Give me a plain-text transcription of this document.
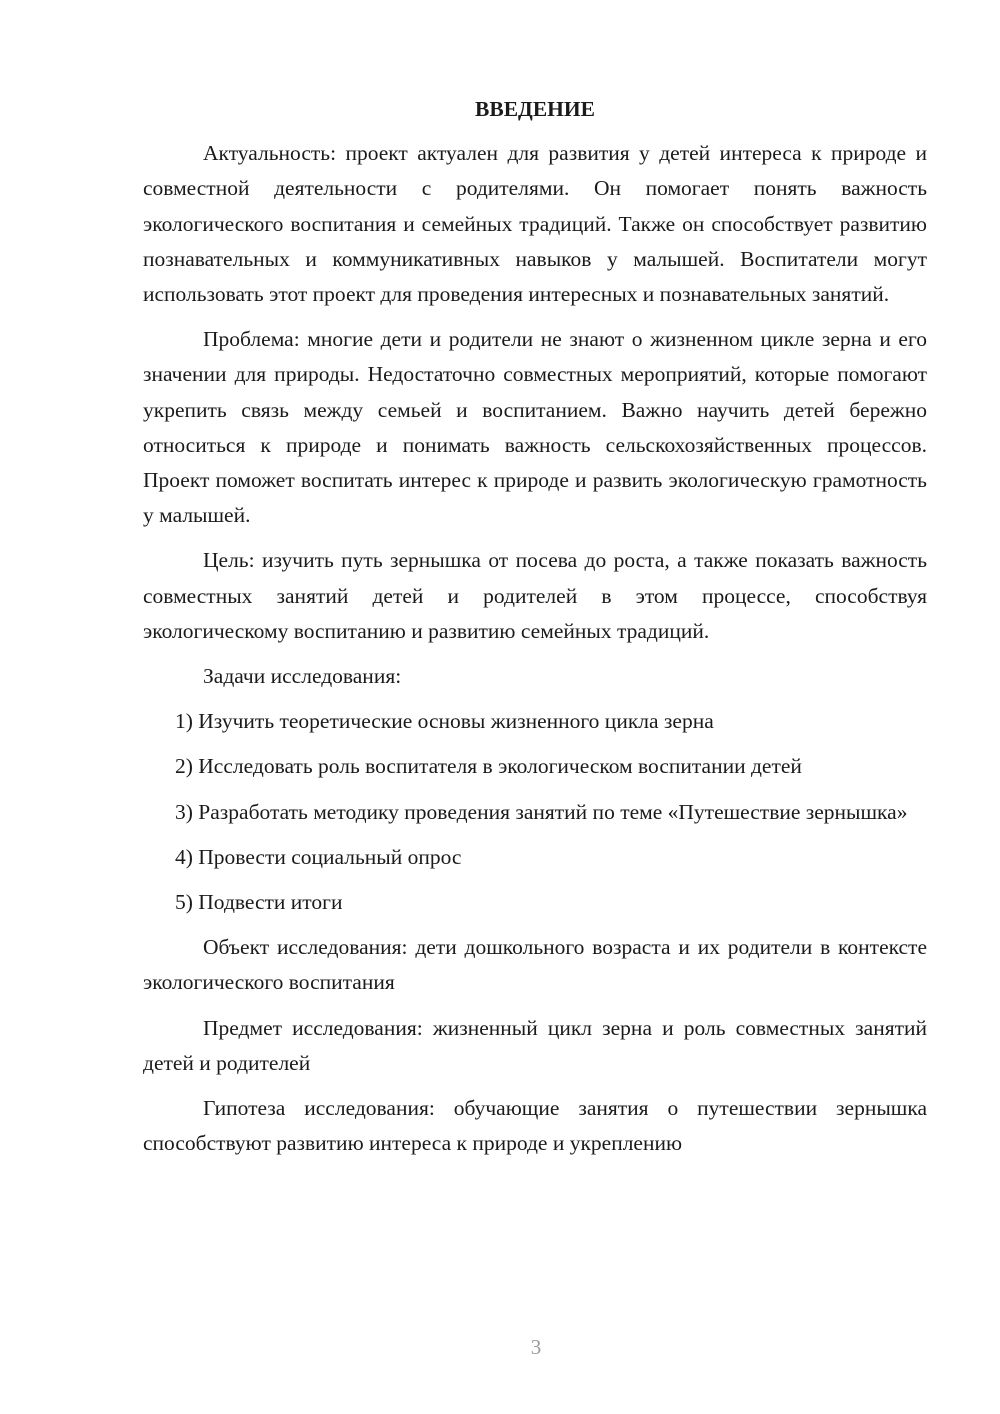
ВВЕДЕНИЕ

Актуальность: проект актуален для развития у детей интереса к природе и совместной деятельности с родителями. Он помогает понять важность экологического воспитания и семейных традиций. Также он способствует развитию познавательных и коммуникативных навыков у малышей. Воспитатели могут использовать этот проект для проведения интересных и познавательных занятий.

Проблема: многие дети и родители не знают о жизненном цикле зерна и его значении для природы. Недостаточно совместных мероприятий, которые помогают укрепить связь между семьей и воспитанием. Важно научить детей бережно относиться к природе и понимать важность сельскохозяйственных процессов. Проект поможет воспитать интерес к природе и развить экологическую грамотность у малышей.

Цель: изучить путь зернышка от посева до роста, а также показать важность совместных занятий детей и родителей в этом процессе, способствуя экологическому воспитанию и развитию семейных традиций.

Задачи исследования:

1) Изучить теоретические основы жизненного цикла зерна

2) Исследовать роль воспитателя в экологическом воспитании детей

3) Разработать методику проведения занятий по теме «Путешествие зернышка»

4) Провести социальный опрос

5) Подвести итоги

Объект исследования: дети дошкольного возраста и их родители в контексте экологического воспитания

Предмет исследования: жизненный цикл зерна и роль совместных занятий детей и родителей

Гипотеза исследования: обучающие занятия о путешествии зернышка способствуют развитию интереса к природе и укреплению

3
